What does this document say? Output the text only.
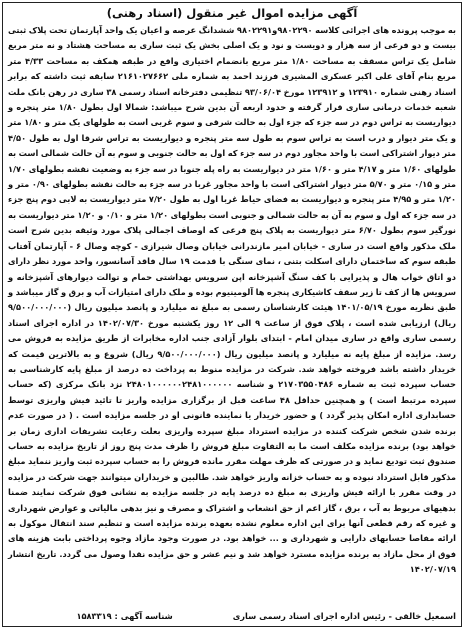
آگهی مزایده اموال غیر منقول (اسناد رهنی)
به موجب پرونده های اجرائی کلاسه ۹۸۰۲۲۹۰و۹۸۰۲۲۹۱ ششدانگ عرصه و اعیان یک واحد آپارتمان تحت پلاک ثبتی بیست و دو فرعی از سه هزار و دویست و نود و یک اصلی بخش یک ثبت ساری به مساحت هشتاد و نه متر مربع شامل یک تراس مسقف به مساحت ۱/۸۰ متر مربع بانضمام اختیاری واقع در طبقه همکف به مساحت ۴/۳۳ متر مربع بنام آقای علی اکبر عسکری المشیری فرزند احمد به شماره ملی ۲۱۶۱۰۲۷۶۶۲ سابقه ثبت داشته که برابر اسناد رهنی شماره ۱۲۳۹۱۰ و ۱۲۳۹۱۲ مورخ ۹۳/۰۶/۰۴ تنظیمی دفترخانه اسناد رسمی ۳۸ ساری در رهن بانک ملت شعبه خدمات درمانی ساری قرار گرفته و حدود اربعه آن بدین شرح میباشد: شمالا اول بطول ۱/۸۰ متر پنجره و دیواریست به تراس دوم در سه جزء که جزء اول به حالت شرقی و سوم غربی است به طولهای یک متر و ۱/۸۰ متر و یک متر دیوار و درب است به تراس سوم به طول سه متر پنجره و دیواریست به تراس شرقا اول به طول ۴/۵۰ متر دیوار اشتراکی است با واحد مجاور دوم در سه جزء که اول به حالت جنوبی و سوم به آن حالت شمالی است به طولهای ۱/۶۰ متر و ۴/۱۷ متر و ۱/۶۰ متر در دیواریست به راه پله جنوبا در سه جزء به وضعیت نقشه بطولهای ۱/۷۰ متر و ۰/۱۵ متر و ۵/۷۰ متر دیوار اشتراکی است با واحد مجاور غربا در سه جزء به حالت نقشه بطولهای ۰/۹۰ متر و ۱/۲۰ متر و ۴/۹۵ متر پنجره و دیواریست به فضای حیاط غربا اول به طول ۷/۲۰ متر دیواریست به لابی دوم پنج جزء در سه جزء که اول و سوم به آن به حالت شمالی و جنوبی است بطولهای ۱/۲۰ متر و ۰/۱۰ و ۱/۲۰ متر دیواریست به نورگیر سوم بطول ۶/۷۰ متر دیواریست به پلاک پنج فرعی که اوصاف اجمالی پلاک مورد وثیقه بدین شرح است ملک مذکور واقع است در ساری - خیابان امیر مازندرانی خیابان وصال شیرازی - کوچه وصال ۶ - آپارتمان آفتاب طبقه سوم که ساختمان دارای اسکلت بتنی ، نمای سنگی با قدمت ۱۹ سال فاقد آسانسور، واحد مورد نظر دارای دو اتاق خواب هال و پذیرایی با کف سنگ آشپزخانه اپن سرویس بهداشتی حمام و توالت دیوارهای آشپزخانه و سرویس ها از کف تا زیر سقف کاشیکاری پنجره ها آلومینیوم بوده و ملک دارای امتیازات آب و برق و گاز میباشد و طبق نظریه مورخ ۱۴۰۱/۰۵/۱۹ هیئت کارشناسان رسمی به مبلغ نه میلیارد و پانصد میلیون ریال (۹/۵۰۰/۰۰۰/۰۰۰ ریال) ارزیابی شده است ، پلاک فوق از ساعت ۹ الی ۱۲ روز یکشنبه مورخ ۱۴۰۲/۰۷/۳۰ در اداره اجرای اسناد رسمی ساری واقع در ساری میدان امام - ابتدای بلوار آزادی جنب اداره مخابرات از طریق مزایده به فروش می رسد. مزایده از مبلغ پایه نه میلیارد و پانصد میلیون ریال (۹/۵۰۰/۰۰۰/۰۰۰ ریال) شروع و به بالاترین قیمت که خریدار داشته باشد فروخته خواهد شد. شرکت در مزایده منوط به پرداخت ده درصد از مبلغ پایه کارشناسی به حساب سپرده ثبت به شماره ۲۱۷۰۳۵۵۰۴۸۶ و شناسه ۲۴۸۰۱۰۰۰۰۰۰۲۴۸۱۰۰۰۰۰۰ نزد بانک مرکزی (که حساب سپرده مرتبط است ) و همچنین حداقل ۴۸ ساعت قبل از برگزاری مزایده واریز تا تائید فیش واریزی توسط حسابداری اداره امکان پذیر گردد ) و حضور خریدار یا نماینده قانونی او در جلسه مزایده است . ( در صورت عدم برنده شدن شخص شرکت کننده در مزایده استرداد مبلغ سپرده واریزی بعلت رعایت تشریفات اداری زمان بر خواهد بود) برنده مزایده مکلف است ما به التفاوت مبلغ فروش را ظرف مدت پنج روز از تاریخ مزایده به حساب صندوق ثبت تودیع نماید و در صورتی که ظرف مهلت مقرر مانده فروش را به حساب سپرده ثبت واریز ننماید مبلغ مذکور قابل استرداد نبوده و به حساب خزانه واریز خواهد شد. طالبین و خریداران میتوانند جهت شرکت در مزایده در وقت مقرر با ارائه فیش واریزی به مبلغ ده درصد پایه در جلسه مزایده به نشانی فوق شرکت نمایند ضمنا بدهیهای مربوط به آب ، برق ، گاز اعم از حق انشعاب و اشتراک و مصرف و نیز بدهی مالیاتی و عوارض شهرداری و غیره که رقم قطعی آنها برای این اداره معلوم نشده بعهده برنده مزایده است و تنظیم سند انتقال موکول به ارائه مفاصا حسابهای دارایی و شهرداری و ... خواهد بود. در صورت وجود مازاد وجوه پرداختی بابت هزینه های فوق از محل مازاد به برنده مزایده مسترد خواهد شد و نیم عشر و حق مزایده نقدا وصول می گردد. تاریخ انتشار ۱۴۰۲/۰۷/۱۹
اسمعیل خالقی - رئیس اداره اجرای اسناد رسمی ساری
شناسه آگهی : ۱۵۸۳۳۱۹
